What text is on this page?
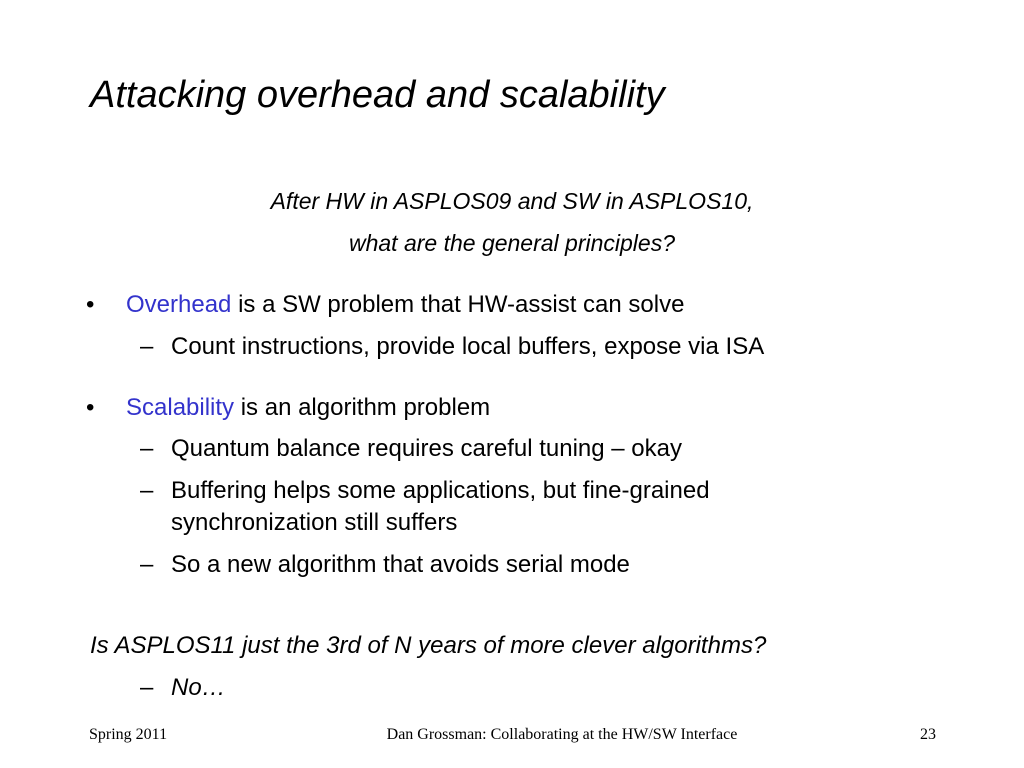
Attacking overhead and scalability
After HW in ASPLOS09 and SW in ASPLOS10,
what are the general principles?
• Overhead is a SW problem that HW-assist can solve
– Count instructions, provide local buffers, expose via ISA
• Scalability is an algorithm problem
– Quantum balance requires careful tuning – okay
– Buffering helps some applications, but fine-grained
synchronization still suffers
– So a new algorithm that avoids serial mode
Is ASPLOS11 just the 3rd of N years of more clever algorithms?
– No…
Spring 2011	Dan Grossman: Collaborating at the HW/SW Interface	23
